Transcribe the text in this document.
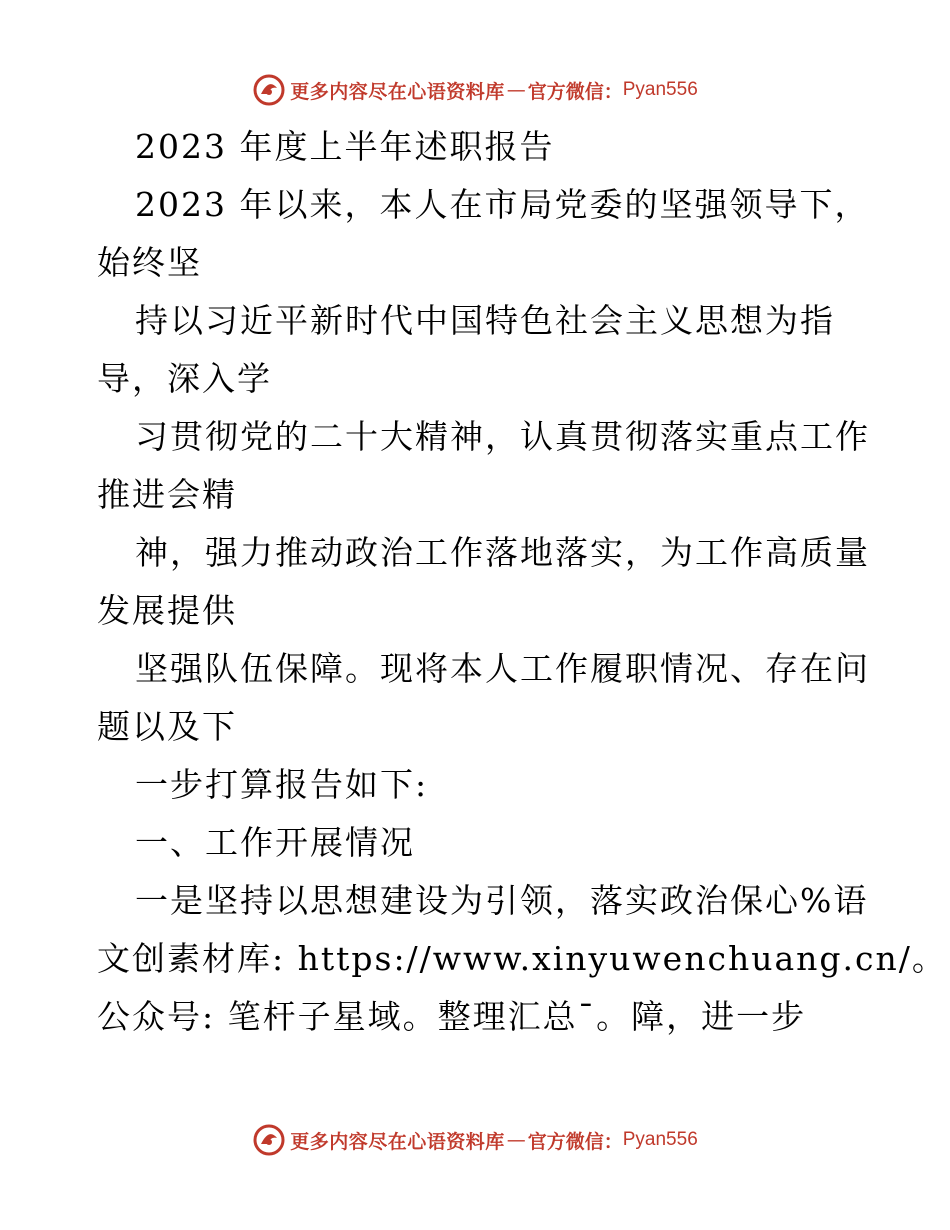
更多内容尽在心语资料库 — 官方微信： Pyan556
2023 年度上半年述职报告
2023 年以来，本人在市局党委的坚强领导下，
始终坚
持以习近平新时代中国特色社会主义思想为指
导，深入学
习贯彻党的二十大精神，认真贯彻落实重点工作
推进会精
神，强力推动政治工作落地落实，为工作高质量
发展提供
坚强队伍保障。现将本人工作履职情况、存在问
题以及下
一步打算报告如下:
一、工作开展情况
一是坚持以思想建设为引领，落实政治保心%语
文创素材库: https://www.xinyuwenchuang.cn/。
公众号: 笔杆子星域。整理汇总¯。障，进一步
更多内容尽在心语资料库 — 官方微信： Pyan556
